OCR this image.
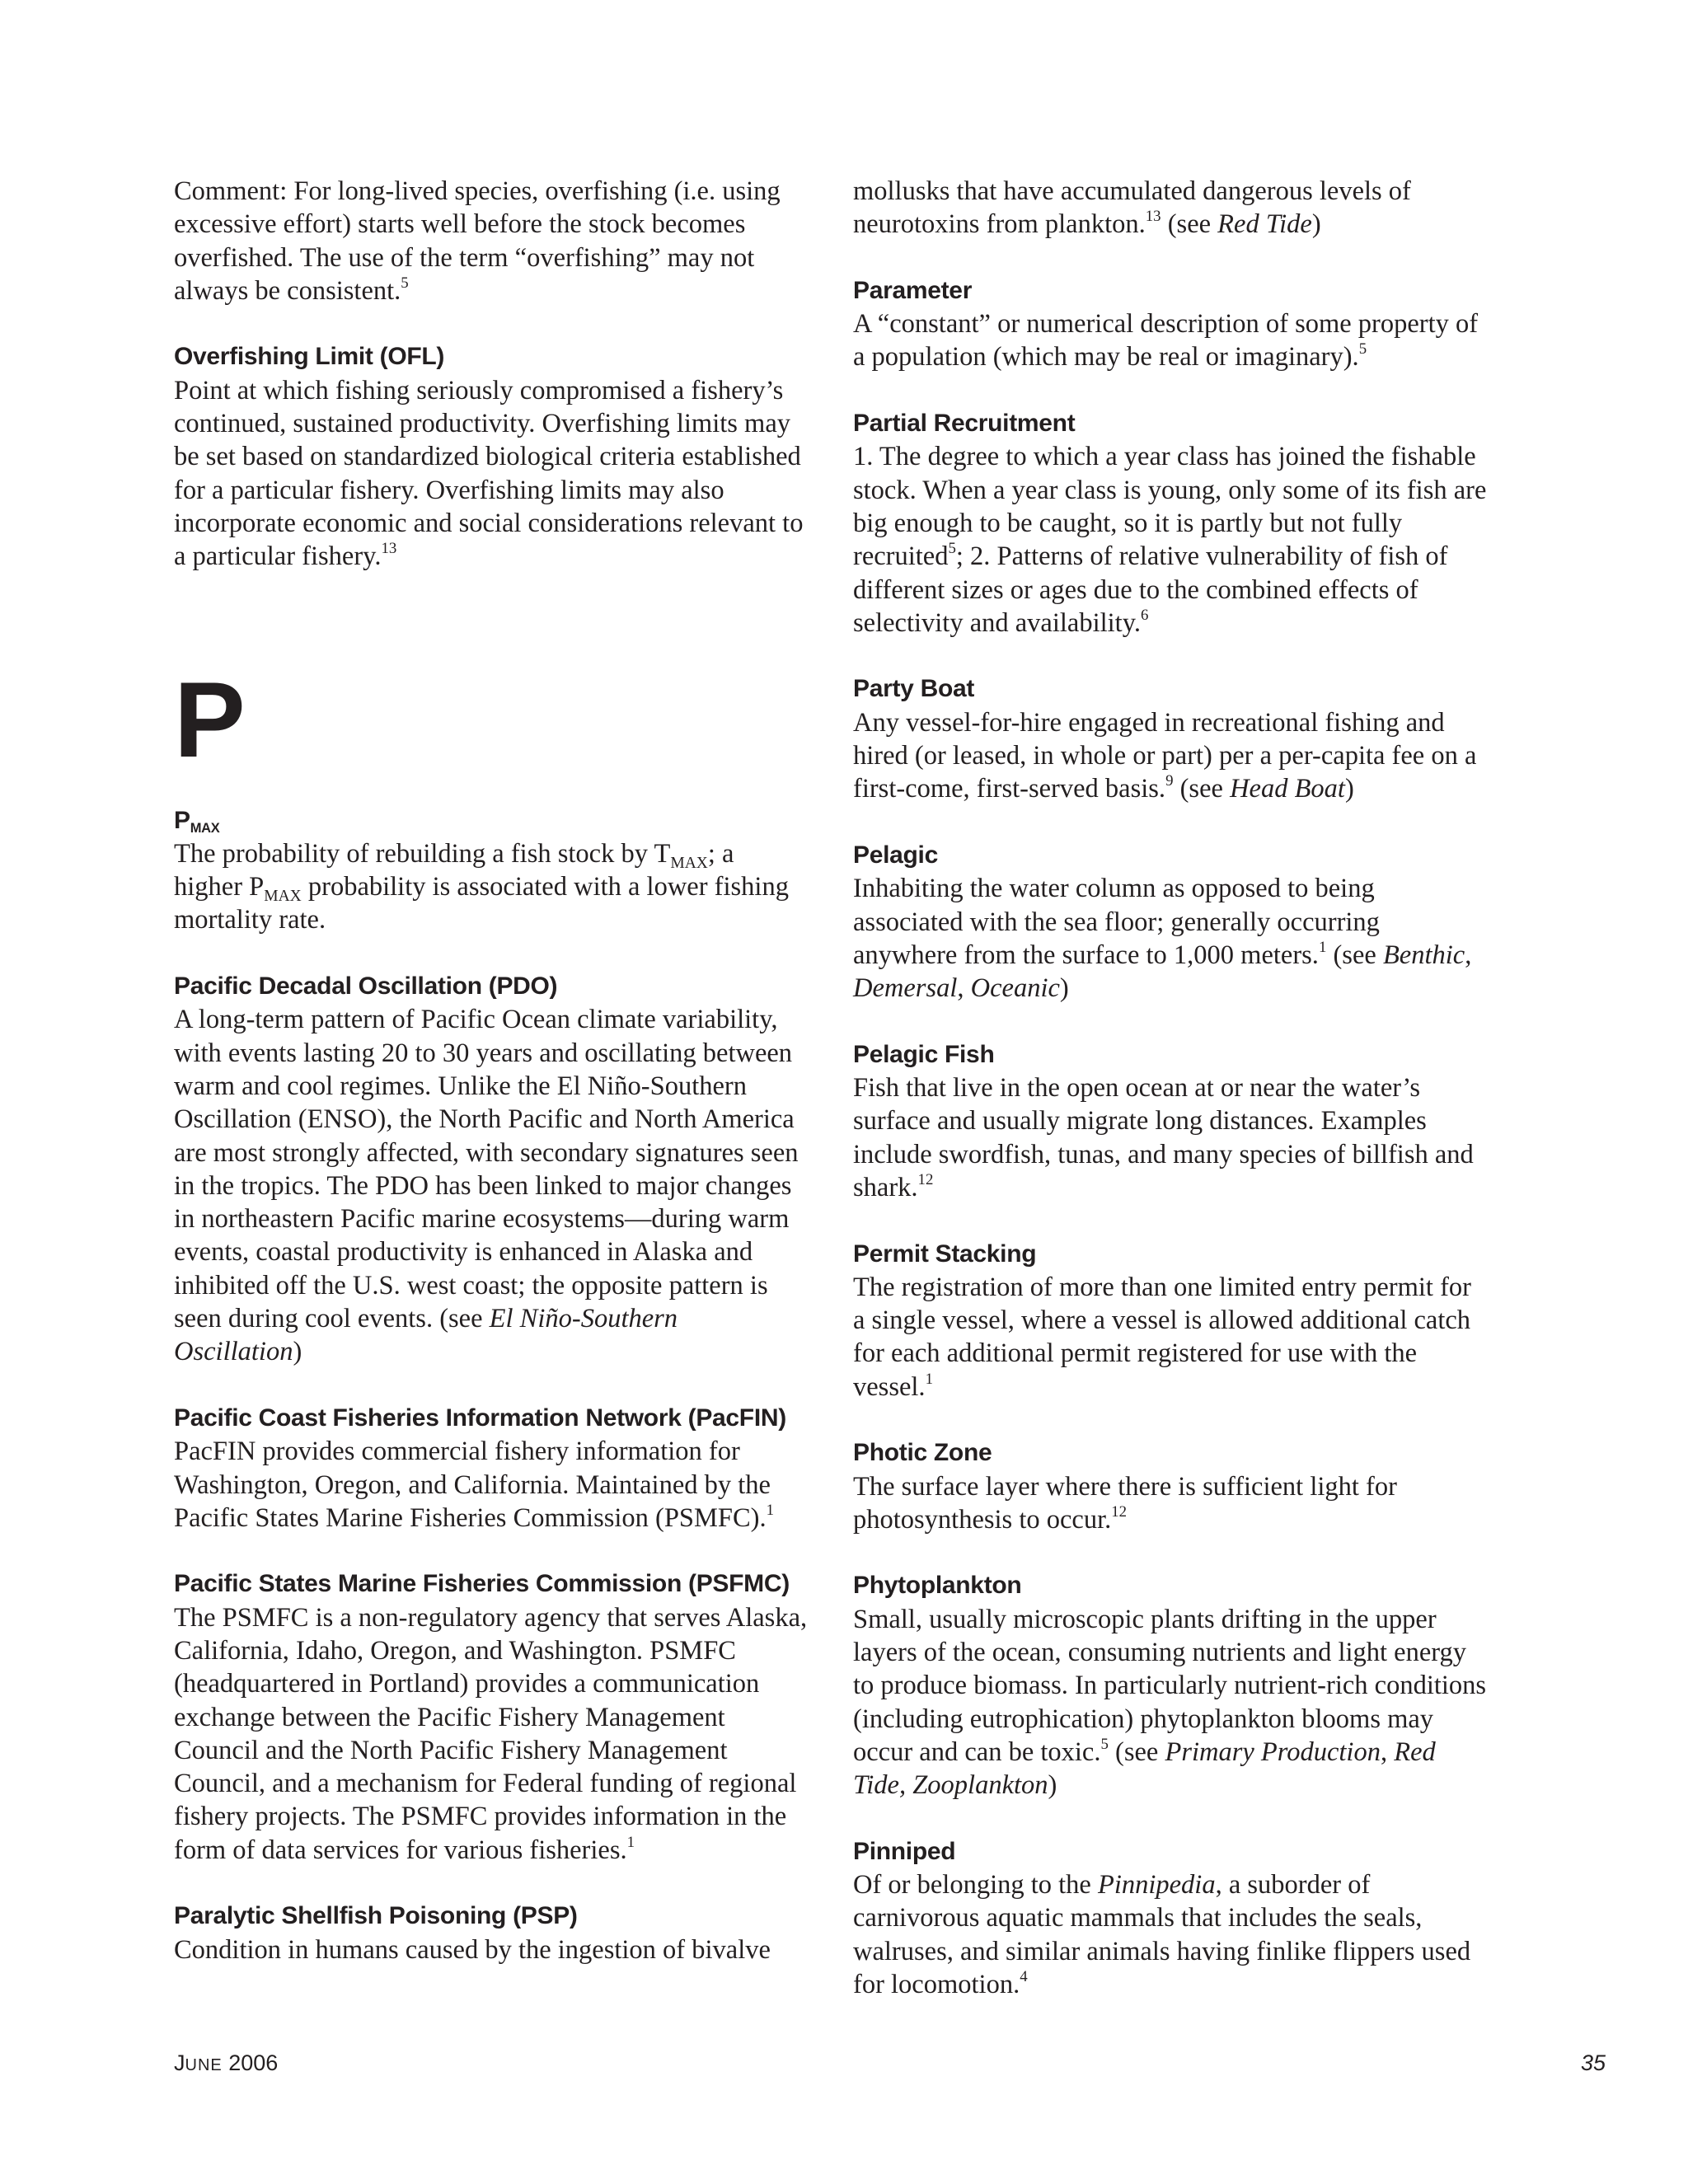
Comment: For long-lived species, overfishing (i.e. using excessive effort) starts well before the stock becomes overfished. The use of the term “overfishing” may not always be consistent.$^5$

Overfishing Limit (OFL)

Point at which fishing seriously compromised a fishery’s continued, sustained productivity. Overfishing limits may be set based on standardized biological criteria established for a particular fishery. Overfishing limits may also incorporate economic and social considerations relevant to a particular fishery.$^{13}$

P

$P_{MAX}$

The probability of rebuilding a fish stock by $T_{MAX}$; a higher $P_{MAX}$ probability is associated with a lower fishing mortality rate.

Pacific Decadal Oscillation (PDO)

A long-term pattern of Pacific Ocean climate variability, with events lasting 20 to 30 years and oscillating between warm and cool regimes. Unlike the El Niño-Southern Oscillation (ENSO), the North Pacific and North America are most strongly affected, with secondary signatures seen in the tropics. The PDO has been linked to major changes in northeastern Pacific marine ecosystems—during warm events, coastal productivity is enhanced in Alaska and inhibited off the U.S. west coast; the opposite pattern is seen during cool events. (see El Niño-Southern Oscillation)

Pacific Coast Fisheries Information Network (PacFIN)

PacFIN provides commercial fishery information for Washington, Oregon, and California. Maintained by the Pacific States Marine Fisheries Commission (PSMFC).$^1$

Pacific States Marine Fisheries Commission (PSFMC)

The PSMFC is a non-regulatory agency that serves Alaska, California, Idaho, Oregon, and Washington. PSMFC (headquartered in Portland) provides a communication exchange between the Pacific Fishery Management Council and the North Pacific Fishery Management Council, and a mechanism for Federal funding of regional fishery projects. The PSMFC provides information in the form of data services for various fisheries.$^1$

Paralytic Shellfish Poisoning (PSP)

Condition in humans caused by the ingestion of bivalve

mollusks that have accumulated dangerous levels of neurotoxins from plankton.$^{13}$ (see Red Tide)

Parameter

A “constant” or numerical description of some property of a population (which may be real or imaginary).$^5$

Partial Recruitment

1. The degree to which a year class has joined the fishable stock. When a year class is young, only some of its fish are big enough to be caught, so it is partly but not fully recruited$^5$; 2. Patterns of relative vulnerability of fish of different sizes or ages due to the combined effects of selectivity and availability.$^6$

Party Boat

Any vessel-for-hire engaged in recreational fishing and hired (or leased, in whole or part) per a per-capita fee on a first-come, first-served basis.$^9$ (see Head Boat)

Pelagic

Inhabiting the water column as opposed to being associated with the sea floor; generally occurring anywhere from the surface to 1,000 meters.$^1$ (see Benthic, Demersal, Oceanic)

Pelagic Fish

Fish that live in the open ocean at or near the water’s surface and usually migrate long distances. Examples include swordfish, tunas, and many species of billfish and shark.$^{12}$

Permit Stacking

The registration of more than one limited entry permit for a single vessel, where a vessel is allowed additional catch for each additional permit registered for use with the vessel.$^1$

Photic Zone

The surface layer where there is sufficient light for photosynthesis to occur.$^{12}$

Phytoplankton

Small, usually microscopic plants drifting in the upper layers of the ocean, consuming nutrients and light energy to produce biomass. In particularly nutrient-rich conditions (including eutrophication) phytoplankton blooms may occur and can be toxic.$^5$ (see Primary Production, Red Tide, Zooplankton)

Pinniped

Of or belonging to the Pinnipedia, a suborder of carnivorous aquatic mammals that includes the seals, walruses, and similar animals having finlike flippers used for locomotion.$^4$

JUNE 2006	35
